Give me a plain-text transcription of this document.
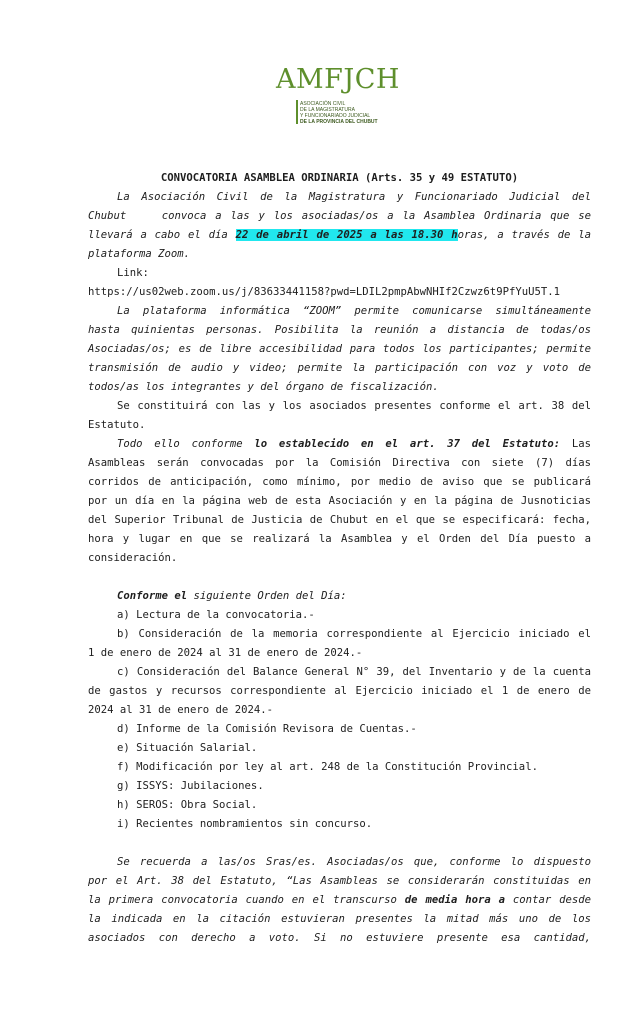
AMFJCH
ASOCIACIÓN CIVIL
DE LA MAGISTRATURA
Y FUNCIONARIADO JUDICIAL
DE LA PROVINCIA DEL CHUBUT
CONVOCATORIA ASAMBLEA ORDINARIA (Arts. 35 y 49 ESTATUTO)
La Asociación Civil de la Magistratura y Funcionariado Judicial del
Chubut    convoca a las y los asociadas/os a la Asamblea Ordinaria que se
llevará a cabo el día 22 de abril de 2025 a las 18.30 horas, a través de la
plataforma Zoom.
Link:
https://us02web.zoom.us/j/83633441158?pwd=LDIL2pmpAbwNHIf2Czwz6t9PfYuU5T.1
La plataforma informática “ZOOM” permite comunicarse simultáneamente
hasta quinientas personas. Posibilita la reunión a distancia de todas/os
Asociadas/os; es de libre accesibilidad para todos los participantes; permite
transmisión de audio y video; permite la participación con voz y voto de
todos/as los integrantes y del órgano de fiscalización.
Se constituirá con las y los asociados presentes conforme el art. 38 del
Estatuto.
Todo ello conforme lo establecido en el art. 37 del Estatuto: Las
Asambleas serán convocadas por la Comisión Directiva con siete (7) días
corridos de anticipación, como mínimo, por medio de aviso que se publicará
por un día en la página web de esta Asociación y en la página de Jusnoticias
del Superior Tribunal de Justicia de Chubut en el que se especificará: fecha,
hora y lugar en que se realizará la Asamblea y el Orden del Día puesto a
consideración.
Conforme el siguiente Orden del Día:
a) Lectura de la convocatoria.-
b) Consideración de la memoria correspondiente al Ejercicio iniciado el
1 de enero de 2024 al 31 de enero de 2024.-
c) Consideración del Balance General N° 39, del Inventario y de la cuenta
de gastos y recursos correspondiente al Ejercicio iniciado el 1 de enero de
2024 al 31 de enero de 2024.-
d) Informe de la Comisión Revisora de Cuentas.-
e) Situación Salarial.
f) Modificación por ley al art. 248 de la Constitución Provincial.
g) ISSYS: Jubilaciones.
h) SEROS: Obra Social.
i) Recientes nombramientos sin concurso.
Se recuerda a las/os Sras/es. Asociadas/os que, conforme lo dispuesto
por el Art. 38 del Estatuto, “Las Asambleas se considerarán constituidas en
la primera convocatoria cuando en el transcurso de media hora a contar desde
la indicada en la citación estuvieran presentes la mitad más uno de los
asociados con derecho a voto. Si no estuviere presente esa cantidad,
